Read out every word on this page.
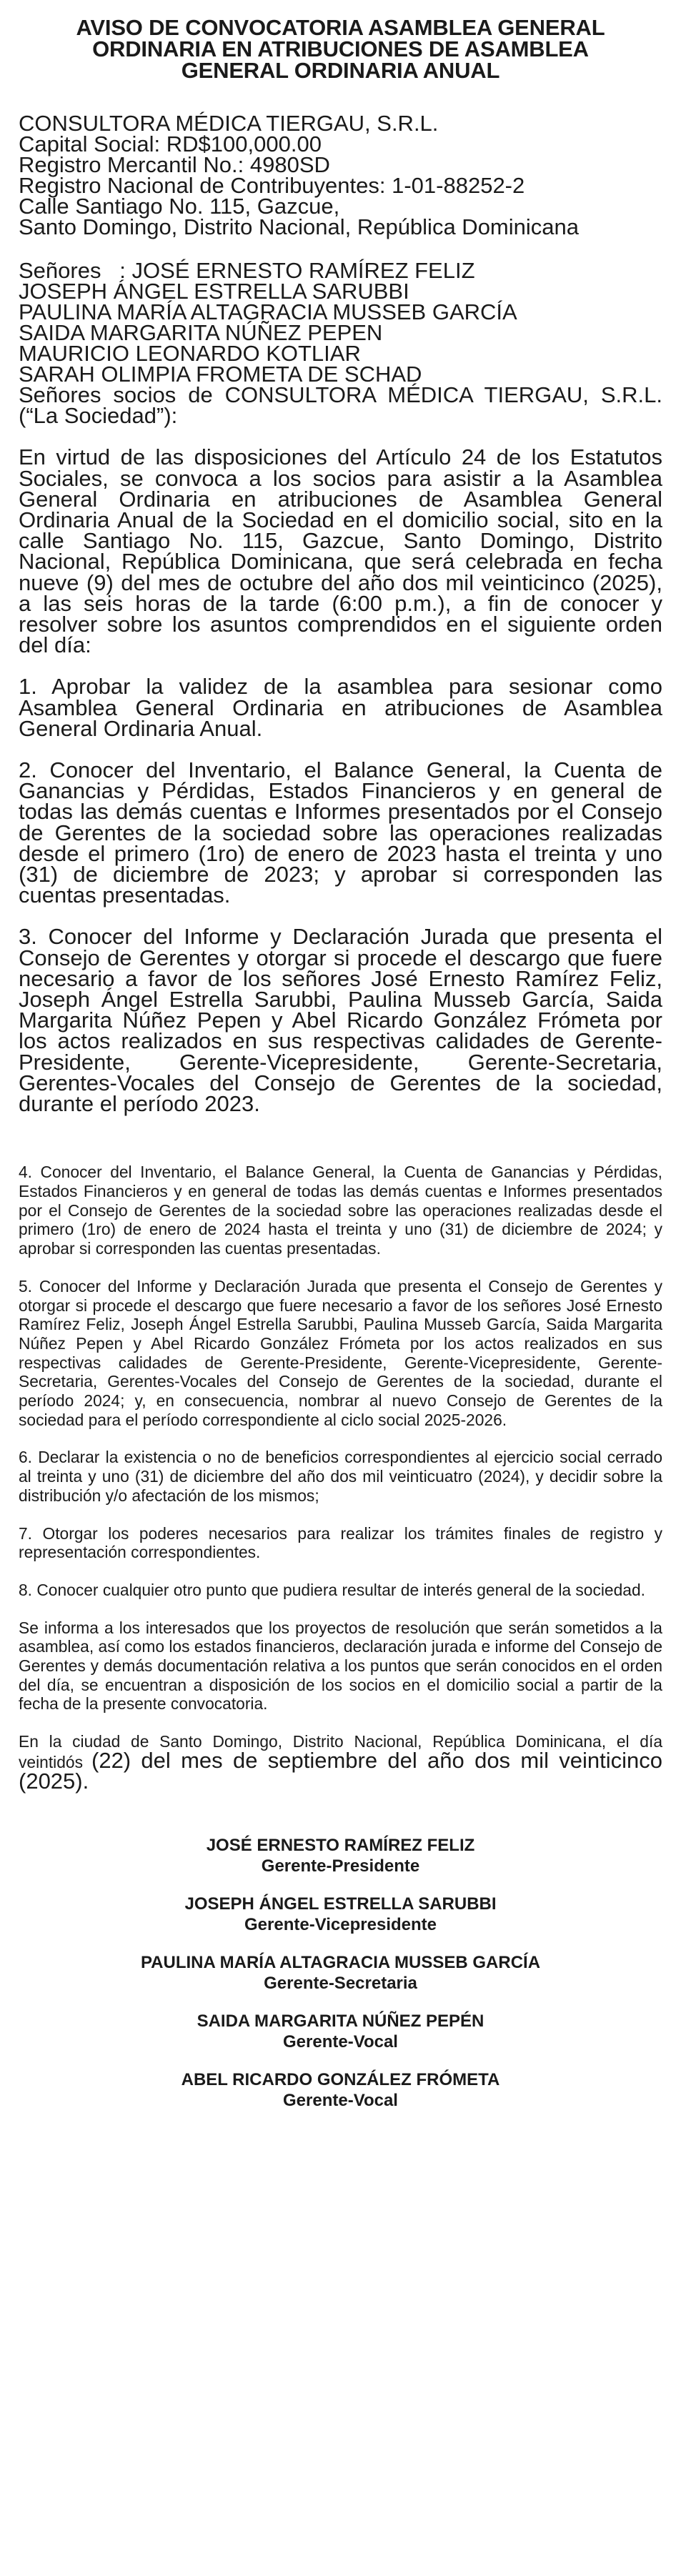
AVISO DE CONVOCATORIA ASAMBLEA GENERAL
ORDINARIA EN ATRIBUCIONES DE ASAMBLEA
GENERAL ORDINARIA ANUAL
CONSULTORA MÉDICA TIERGAU, S.R.L.
Capital Social: RD$100,000.00
Registro Mercantil No.: 4980SD
Registro Nacional de Contribuyentes: 1-01-88252-2
Calle Santiago No. 115, Gazcue,
Santo Domingo, Distrito Nacional, República Dominicana
Señores   : JOSÉ ERNESTO RAMÍREZ FELIZ
JOSEPH ÁNGEL ESTRELLA SARUBBI
PAULINA MARÍA ALTAGRACIA MUSSEB GARCÍA
SAIDA MARGARITA NÚÑEZ PEPEN
MAURICIO LEONARDO KOTLIAR
SARAH OLIMPIA FROMETA DE SCHAD

Señores socios de CONSULTORA MÉDICA TIERGAU, S.R.L. (“La Sociedad”):

En virtud de las disposiciones del Artículo 24 de los Estatutos Sociales, se convoca a los socios para asistir a la Asamblea General Ordinaria en atribuciones de Asamblea General Ordinaria Anual de la Sociedad en el domicilio social, sito en la calle Santiago No. 115, Gazcue, Santo Domingo, Distrito Nacional, República Dominicana, que será celebrada en fecha nueve (9) del mes de octubre del año dos mil veinticinco (2025), a las seis horas de la tarde (6:00 p.m.), a fin de conocer y resolver sobre los asuntos comprendidos en el siguiente orden del día:

1. Aprobar la validez de la asamblea para sesionar como Asamblea General Ordinaria en atribuciones de Asamblea General Ordinaria Anual.

2. Conocer del Inventario, el Balance General, la Cuenta de Ganancias y Pérdidas, Estados Financieros y en general de todas las demás cuentas e Informes presentados por el Consejo de Gerentes de la sociedad sobre las operaciones realizadas desde el primero (1ro) de enero de 2023 hasta el treinta y uno (31) de diciembre de 2023; y aprobar si corresponden las cuentas presentadas.

3. Conocer del Informe y Declaración Jurada que presenta el Consejo de Gerentes y otorgar si procede el descargo que fuere necesario a favor de los señores José Ernesto Ramírez Feliz, Joseph Ángel Estrella Sarubbi, Paulina Musseb García, Saida Margarita Núñez Pepen y Abel Ricardo González Frómeta por los actos realizados en sus respectivas calidades de Gerente-Presidente, Gerente-Vicepresidente, Gerente-Secretaria, Gerentes-Vocales del Consejo de Gerentes de la sociedad, durante el período 2023.

4. Conocer del Inventario, el Balance General, la Cuenta de Ganancias y Pérdidas, Estados Financieros y en general de todas las demás cuentas e Informes presentados por el Consejo de Gerentes de la sociedad sobre las operaciones realizadas desde el primero (1ro) de enero de 2024 hasta el treinta y uno (31) de diciembre de 2024; y aprobar si corresponden las cuentas presentadas.

5. Conocer del Informe y Declaración Jurada que presenta el Consejo de Gerentes y otorgar si procede el descargo que fuere necesario a favor de los señores José Ernesto Ramírez Feliz, Joseph Ángel Estrella Sarubbi, Paulina Musseb García, Saida Margarita Núñez Pepen y Abel Ricardo González Frómeta por los actos realizados en sus respectivas calidades de Gerente-Presidente, Gerente-Vicepresidente, Gerente-Secretaria, Gerentes-Vocales del Consejo de Gerentes de la sociedad, durante el período 2024; y, en consecuencia, nombrar al nuevo Consejo de Gerentes de la sociedad para el período correspondiente al ciclo social 2025-2026.

6. Declarar la existencia o no de beneficios correspondientes al ejercicio social cerrado al treinta y uno (31) de diciembre del año dos mil veinticuatro (2024), y decidir sobre la distribución y/o afectación de los mismos;

7. Otorgar los poderes necesarios para realizar los trámites finales de registro y representación correspondientes.

8. Conocer cualquier otro punto que pudiera resultar de interés general de la sociedad.

Se informa a los interesados que los proyectos de resolución que serán sometidos a la asamblea, así como los estados financieros, declaración jurada e informe del Consejo de Gerentes y demás documentación relativa a los puntos que serán conocidos en el orden del día, se encuentran a disposición de los socios en el domicilio social a partir de la fecha de la presente convocatoria.

En la ciudad de Santo Domingo, Distrito Nacional, República Dominicana, el día veintidós (22) del mes de septiembre del año dos mil veinticinco (2025).

JOSÉ ERNESTO RAMÍREZ FELIZ
Gerente-Presidente
JOSEPH ÁNGEL ESTRELLA SARUBBI
Gerente-Vicepresidente
PAULINA MARÍA ALTAGRACIA MUSSEB GARCÍA
Gerente-Secretaria
SAIDA MARGARITA NÚÑEZ PEPÉN
Gerente-Vocal
ABEL RICARDO GONZÁLEZ FRÓMETA
Gerente-Vocal
